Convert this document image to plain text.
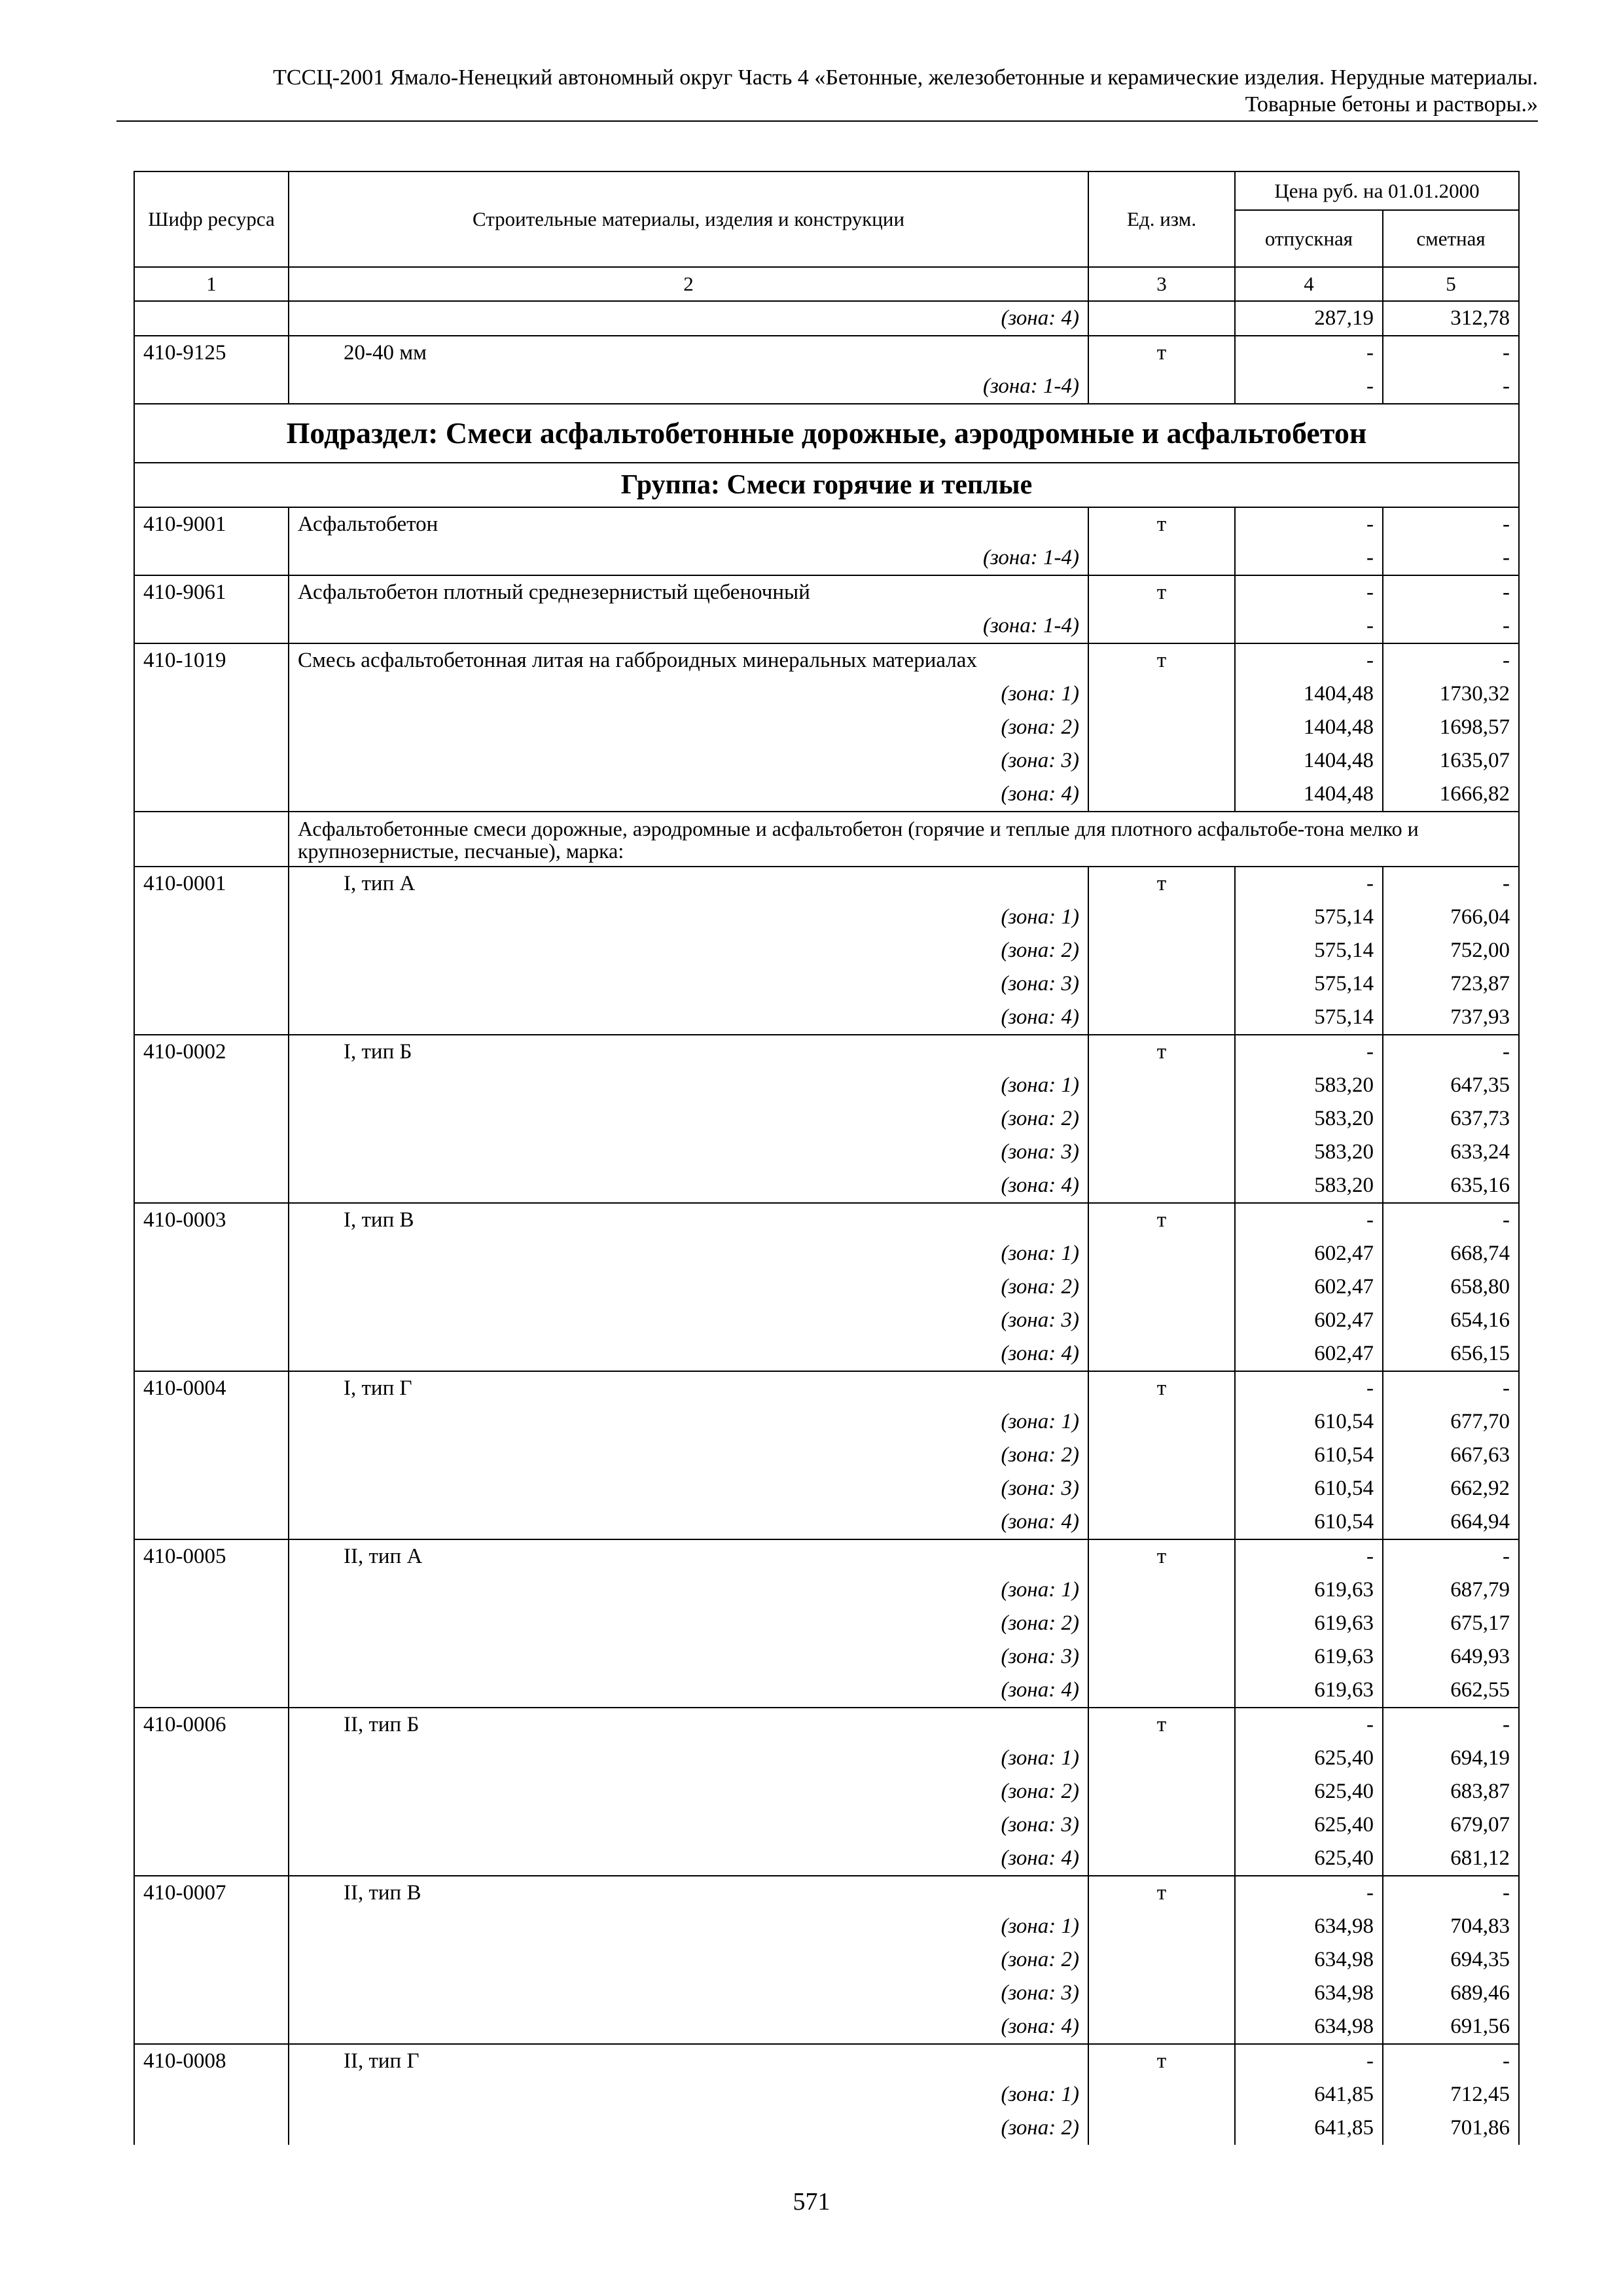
ТССЦ-2001 Ямало-Ненецкий автономный округ Часть 4 «Бетонные, железобетонные и керамические изделия. Нерудные материалы.
Товарные бетоны и растворы.»
Шифр ресурса	Строительные материалы, изделия и конструкции	Ед. изм.	Цена руб. на 01.01.2000	
			отпускная	сметная
1	2	3	4	5
	(зона: 4)		287,19	312,78
410-9125	20-40 мм	т	-	-
	(зона: 1-4)		-	-
Подраздел: Смеси асфальтобетонные дорожные, аэродромные и асфальтобетон				
Группа: Смеси горячие и теплые				
410-9001	Асфальтобетон	т	-	-
	(зона: 1-4)		-	-
410-9061	Асфальтобетон плотный среднезернистый щебеночный	т	-	-
	(зона: 1-4)		-	-
410-1019	Смесь асфальтобетонная литая на габброидных минеральных материалах	т	-	-
	(зона: 1)		1404,48	1730,32
	(зона: 2)		1404,48	1698,57
	(зона: 3)		1404,48	1635,07
	(зона: 4)		1404,48	1666,82
	Асфальтобетонные смеси дорожные, аэродромные и асфальтобетон (горячие и теплые для плотного асфальтобе-тона мелко и крупнозернистые, песчаные), марка:			
410-0001	I, тип А	т	-	-
	(зона: 1)		575,14	766,04
	(зона: 2)		575,14	752,00
	(зона: 3)		575,14	723,87
	(зона: 4)		575,14	737,93
410-0002	I, тип Б	т	-	-
	(зона: 1)		583,20	647,35
	(зона: 2)		583,20	637,73
	(зона: 3)		583,20	633,24
	(зона: 4)		583,20	635,16
410-0003	I, тип В	т	-	-
	(зона: 1)		602,47	668,74
	(зона: 2)		602,47	658,80
	(зона: 3)		602,47	654,16
	(зона: 4)		602,47	656,15
410-0004	I, тип Г	т	-	-
	(зона: 1)		610,54	677,70
	(зона: 2)		610,54	667,63
	(зона: 3)		610,54	662,92
	(зона: 4)		610,54	664,94
410-0005	II, тип А	т	-	-
	(зона: 1)		619,63	687,79
	(зона: 2)		619,63	675,17
	(зона: 3)		619,63	649,93
	(зона: 4)		619,63	662,55
410-0006	II, тип Б	т	-	-
	(зона: 1)		625,40	694,19
	(зона: 2)		625,40	683,87
	(зона: 3)		625,40	679,07
	(зона: 4)		625,40	681,12
410-0007	II, тип В	т	-	-
	(зона: 1)		634,98	704,83
	(зона: 2)		634,98	694,35
	(зона: 3)		634,98	689,46
	(зона: 4)		634,98	691,56
410-0008	II, тип Г	т	-	-
	(зона: 1)		641,85	712,45
	(зона: 2)		641,85	701,86
571
